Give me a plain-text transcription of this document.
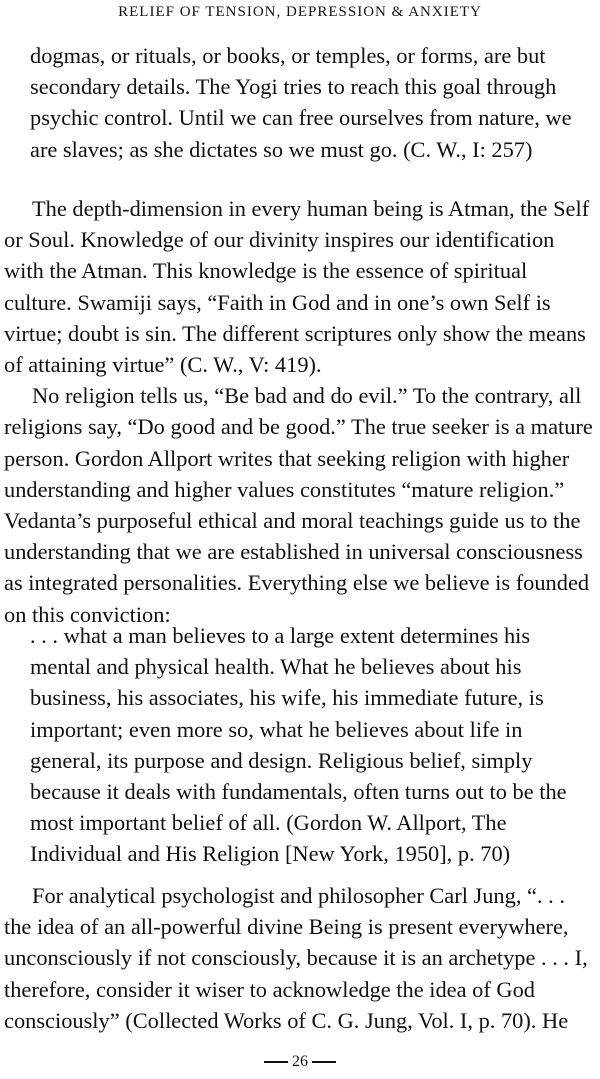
RELIEF OF TENSION, DEPRESSION & ANXIETY

dogmas, or rituals, or books, or temples, or forms, are but secondary details. The Yogi tries to reach this goal through psychic control. Until we can free ourselves from nature, we are slaves; as she dictates so we must go. (C. W., I: 257)

The depth-dimension in every human being is Atman, the Self or Soul. Knowledge of our divinity inspires our identification with the Atman. This knowledge is the essence of spiritual culture. Swamiji says, “Faith in God and in one’s own Self is virtue; doubt is sin. The different scriptures only show the means of attaining virtue” (C. W., V: 419).

No religion tells us, “Be bad and do evil.” To the contrary, all religions say, “Do good and be good.” The true seeker is a mature person. Gordon Allport writes that seeking religion with higher understanding and higher values constitutes “mature religion.” Vedanta’s purposeful ethical and moral teachings guide us to the understanding that we are established in universal consciousness as integrated personalities. Everything else we believe is founded on this conviction:

. . . what a man believes to a large extent determines his mental and physical health. What he believes about his business, his associates, his wife, his immediate future, is important; even more so, what he believes about life in general, its purpose and design. Religious belief, simply because it deals with fundamentals, often turns out to be the most important belief of all. (Gordon W. Allport, The Individual and His Religion [New York, 1950], p. 70)

For analytical psychologist and philosopher Carl Jung, “. . . the idea of an all-powerful divine Being is present everywhere, unconsciously if not consciously, because it is an archetype . . . I, therefore, consider it wiser to acknowledge the idea of God consciously” (Collected Works of C. G. Jung, Vol. I, p. 70). He

26
